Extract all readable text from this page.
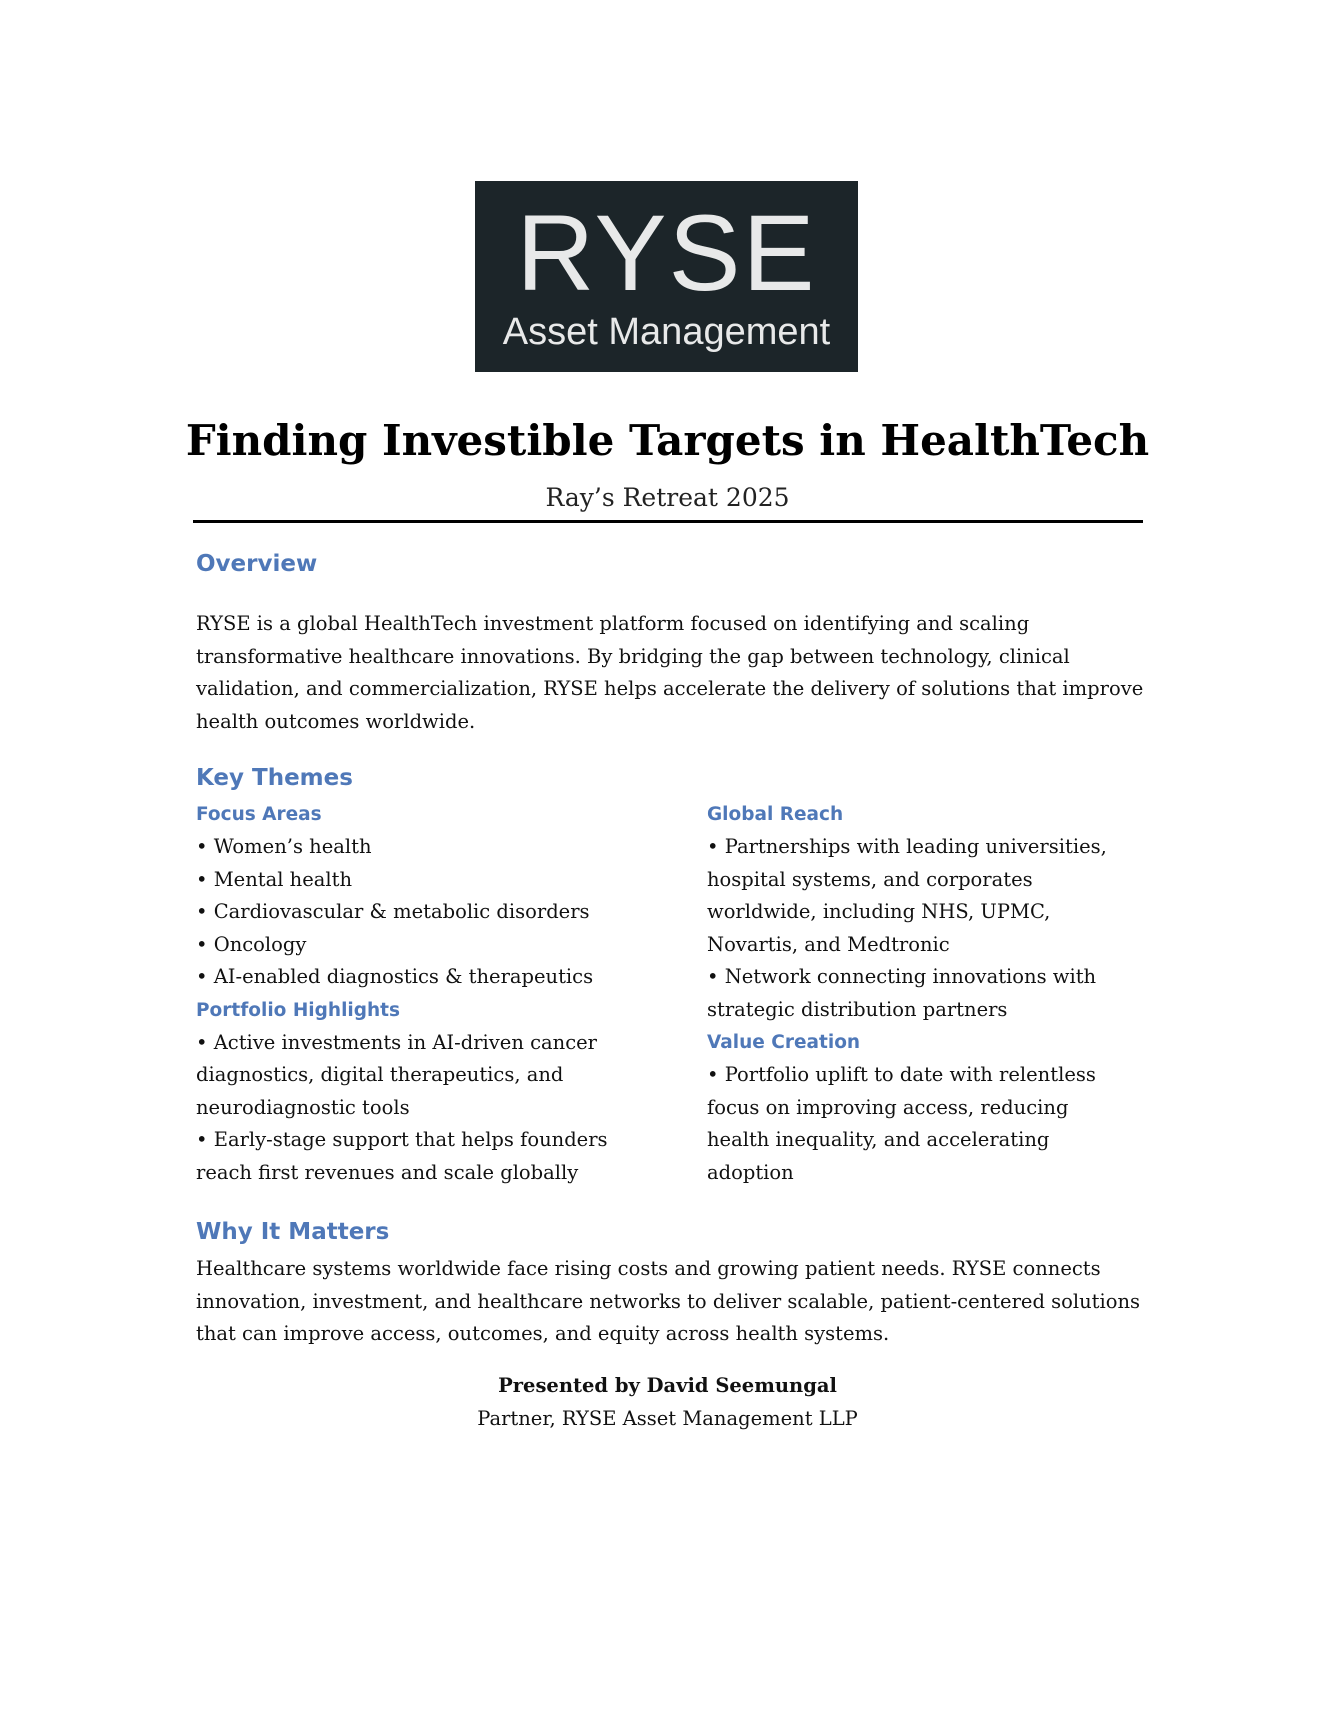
RYSE
Asset Management
Finding Investible Targets in HealthTech
Ray’s Retreat 2025
Overview

RYSE is a global HealthTech investment platform focused on identifying and scaling transformative healthcare innovations. By bridging the gap between technology, clinical validation, and commercialization, RYSE helps accelerate the delivery of solutions that improve health outcomes worldwide.

Key Themes
Focus Areas
• Women’s health
• Mental health
• Cardiovascular & metabolic disorders
• Oncology
• AI-enabled diagnostics & therapeutics
Portfolio Highlights
• Active investments in AI-driven cancer diagnostics, digital therapeutics, and neurodiagnostic tools
• Early-stage support that helps founders reach first revenues and scale globally
Global Reach
• Partnerships with leading universities, hospital systems, and corporates worldwide, including NHS, UPMC, Novartis, and Medtronic
• Network connecting innovations with strategic distribution partners
Value Creation
• Portfolio uplift to date with relentless focus on improving access, reducing health inequality, and accelerating adoption
Why It Matters

Healthcare systems worldwide face rising costs and growing patient needs. RYSE connects innovation, investment, and healthcare networks to deliver scalable, patient-centered solutions that can improve access, outcomes, and equity across health systems.

Presented by David Seemungal
Partner, RYSE Asset Management LLP
